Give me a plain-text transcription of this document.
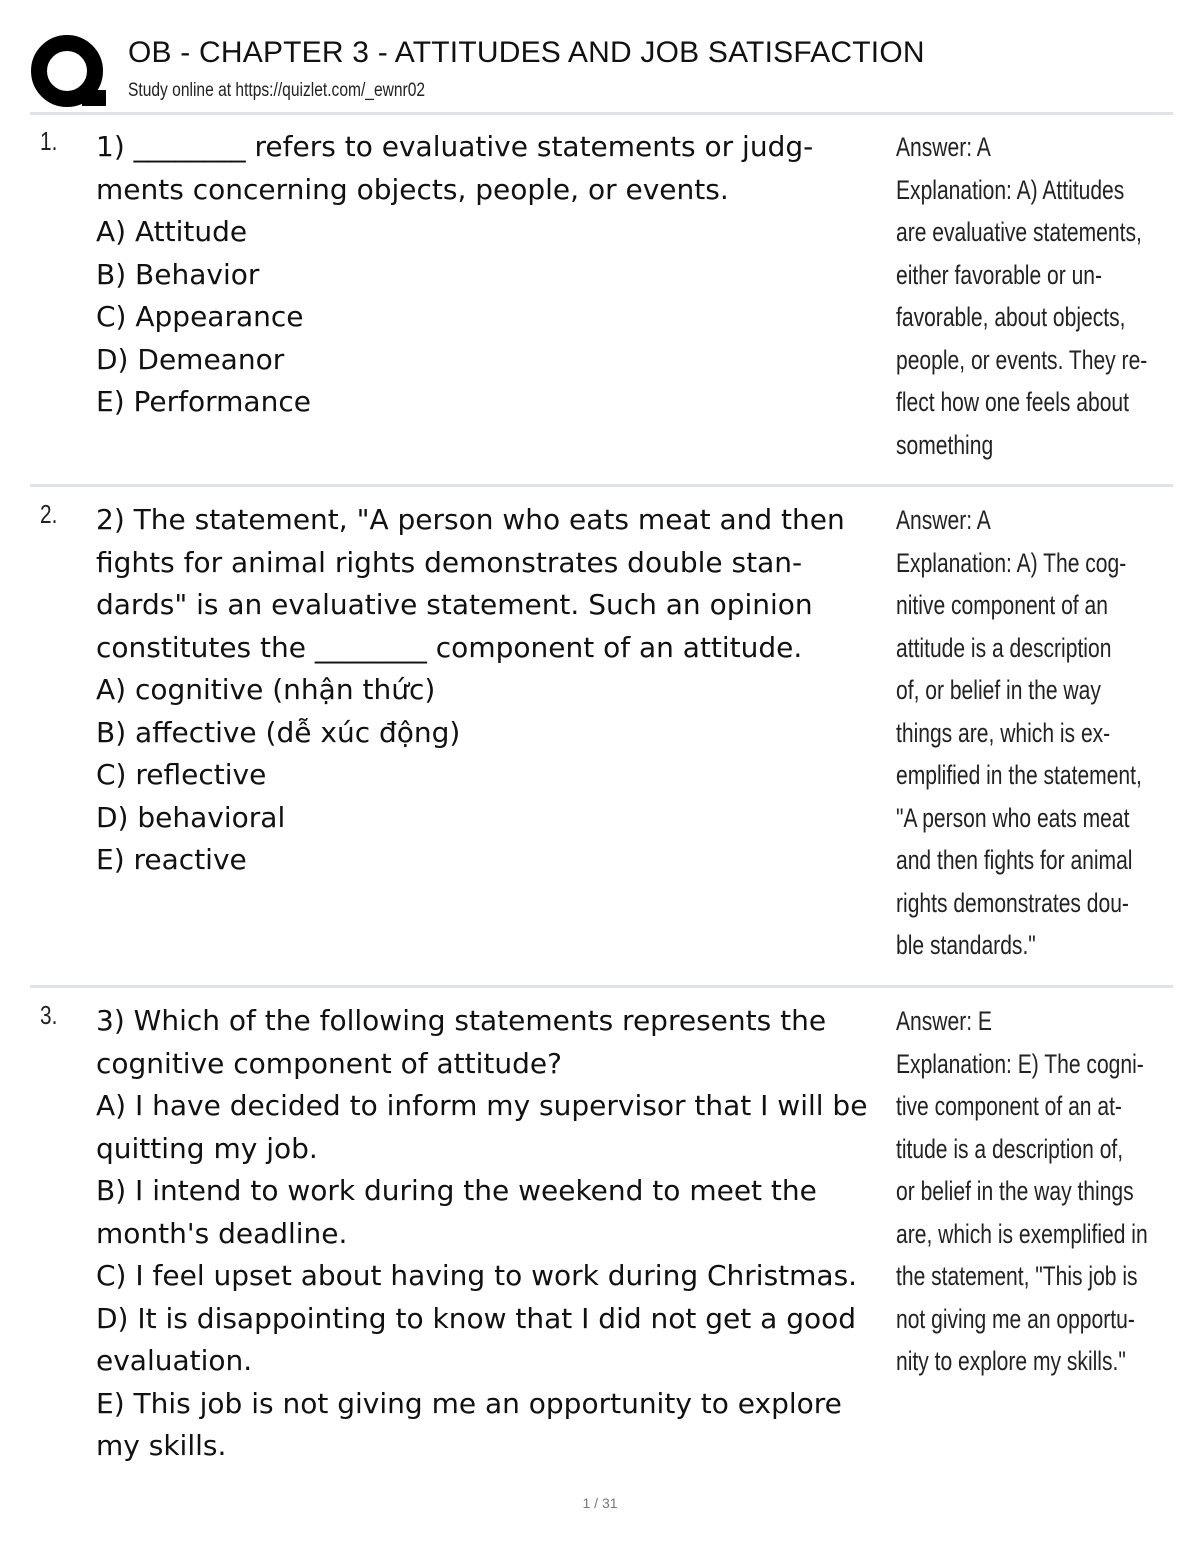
OB - CHAPTER 3 - ATTITUDES AND JOB SATISFACTION
Study online at https://quizlet.com/_ewnr02
1. 1) ________ refers to evaluative statements or judg-
ments concerning objects, people, or events.
A) Attitude
B) Behavior
C) Appearance
D) Demeanor
E) Performance
Answer: A
Explanation: A) Attitudes
are evaluative statements,
either favorable or un-
favorable, about objects,
people, or events. They re-
flect how one feels about
something
2. 2) The statement, "A person who eats meat and then
fights for animal rights demonstrates double stan-
dards" is an evaluative statement. Such an opinion
constitutes the ________ component of an attitude.
A) cognitive (nhận thức)
B) affective (dễ xúc động)
C) reflective
D) behavioral
E) reactive
Answer: A
Explanation: A) The cog-
nitive component of an
attitude is a description
of, or belief in the way
things are, which is ex-
emplified in the statement,
"A person who eats meat
and then fights for animal
rights demonstrates dou-
ble standards."
3. 3) Which of the following statements represents the
cognitive component of attitude?
A) I have decided to inform my supervisor that I will be
quitting my job.
B) I intend to work during the weekend to meet the
month's deadline.
C) I feel upset about having to work during Christmas.
D) It is disappointing to know that I did not get a good
evaluation.
E) This job is not giving me an opportunity to explore
my skills.
Answer: E
Explanation: E) The cogni-
tive component of an at-
titude is a description of,
or belief in the way things
are, which is exemplified in
the statement, "This job is
not giving me an opportu-
nity to explore my skills."
1 / 31
